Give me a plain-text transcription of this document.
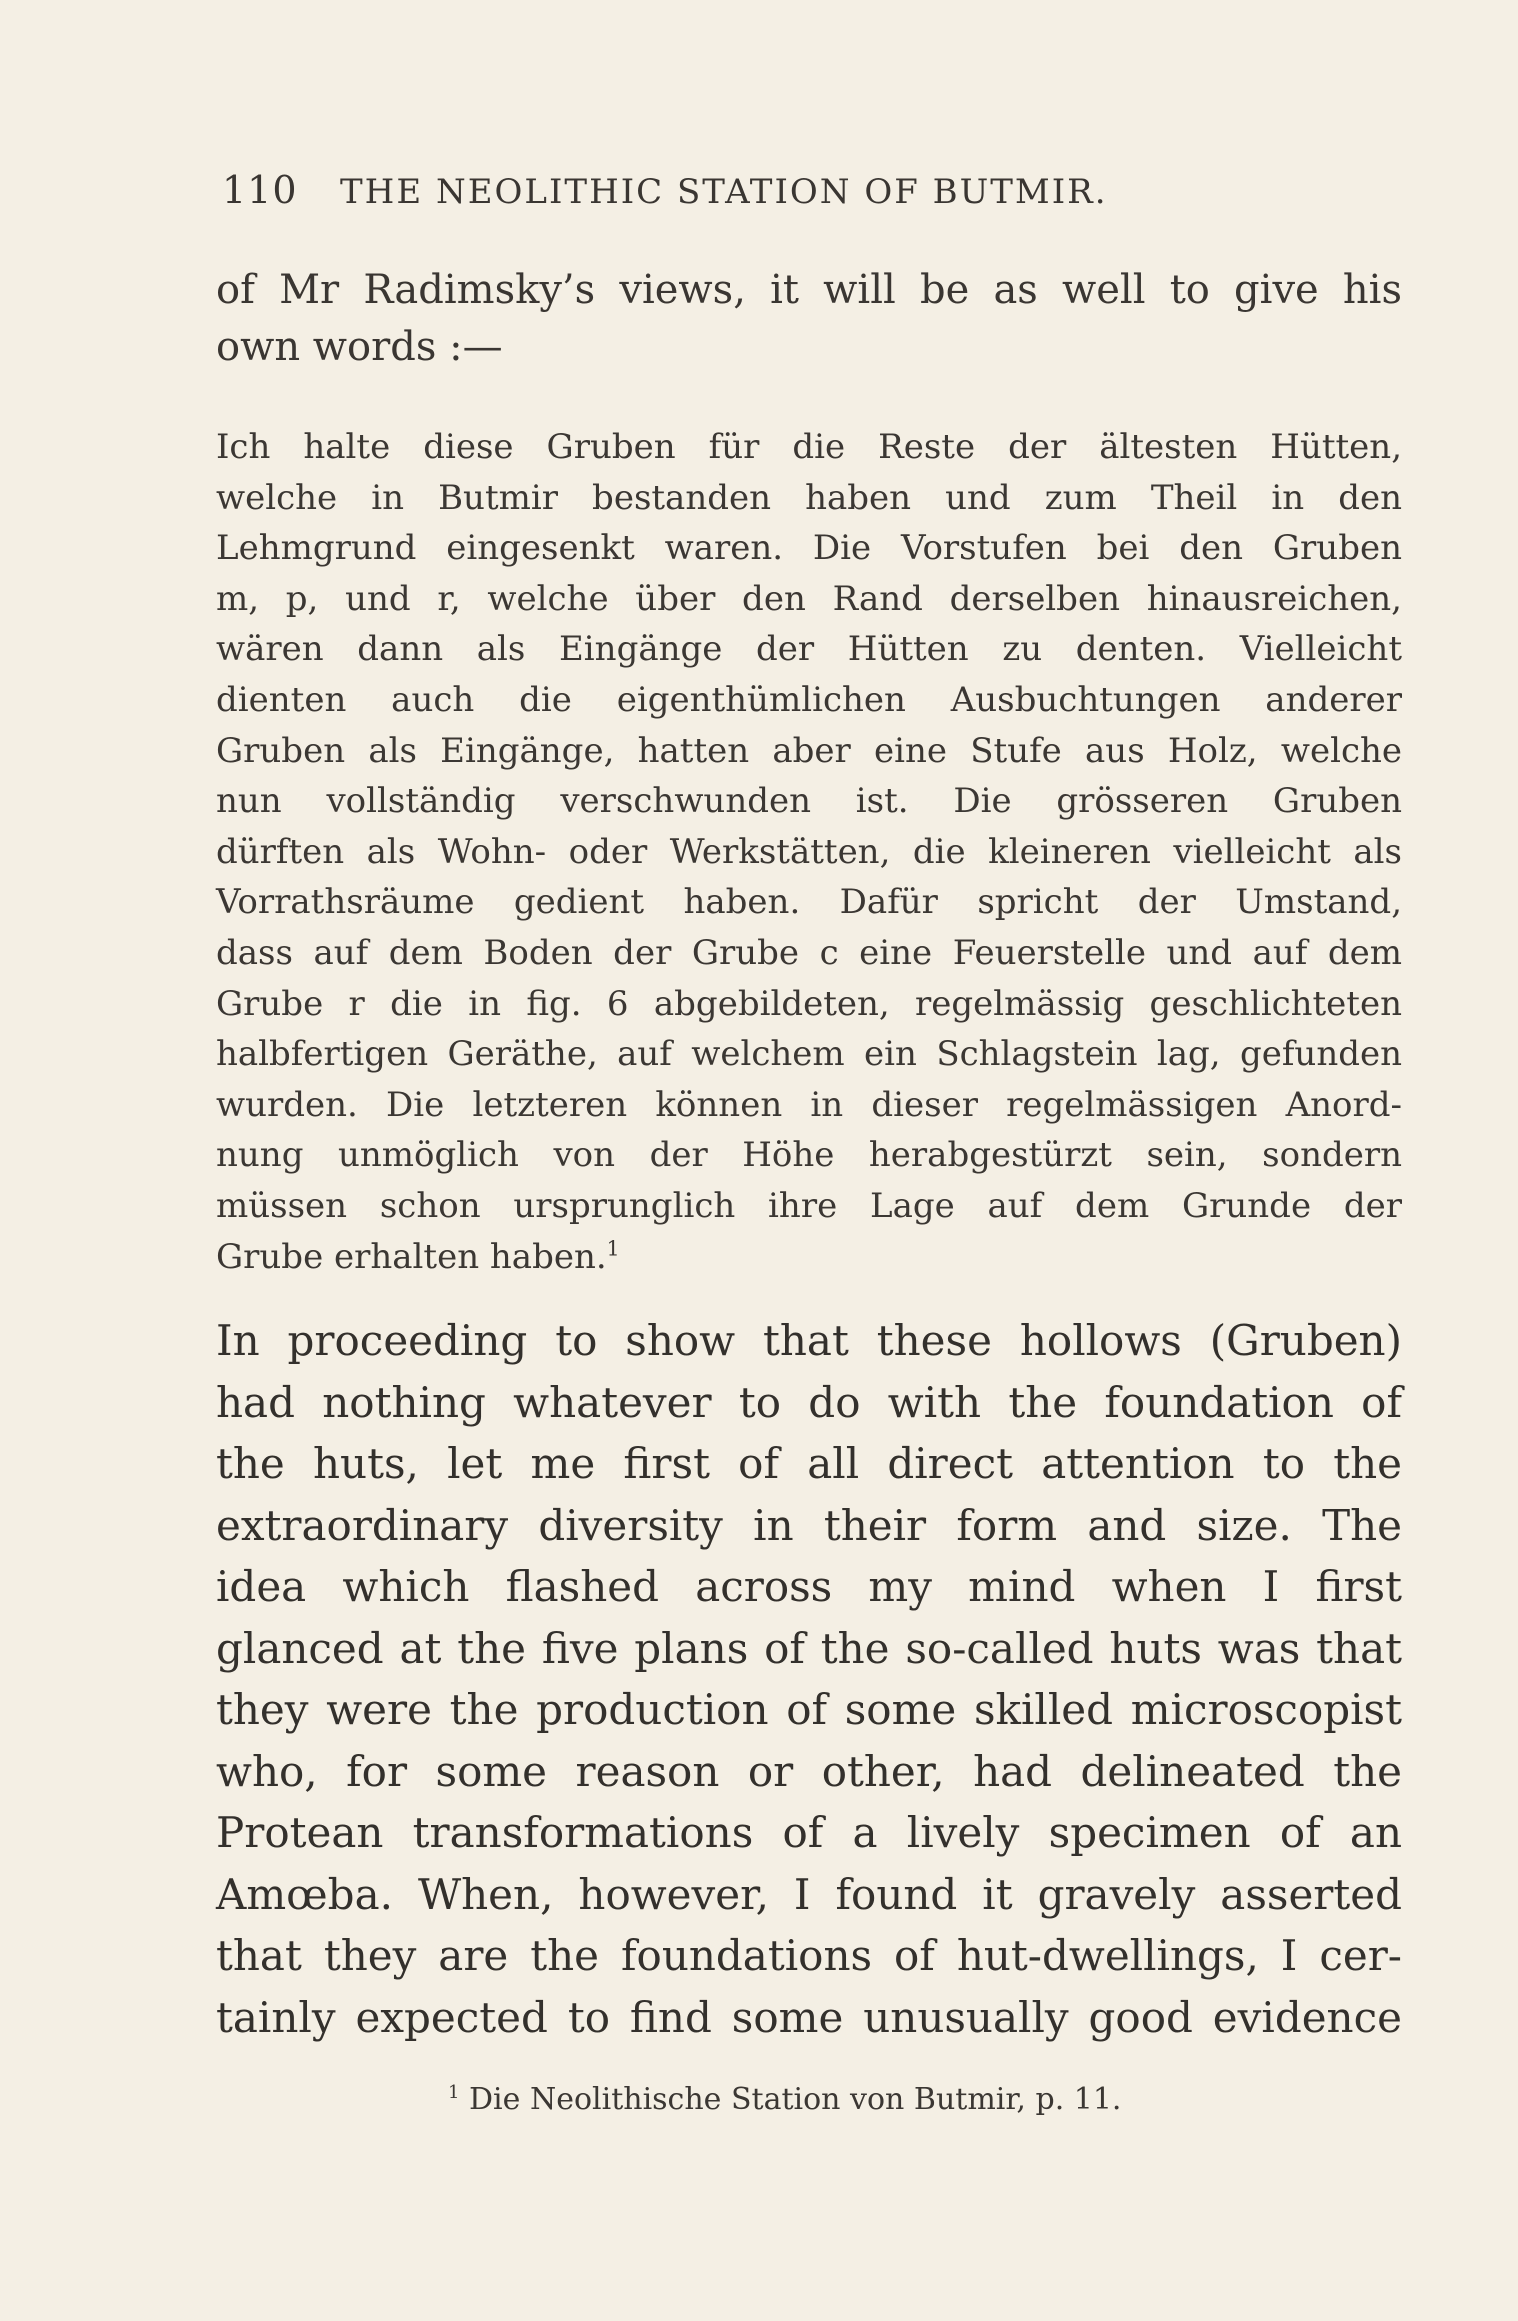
110 THE NEOLITHIC STATION OF BUTMIR.
of Mr Radimsky’s views, it will be as well to give his
own words :—
Ich halte diese Gruben für die Reste der ältesten Hütten,
welche in Butmir bestanden haben und zum Theil in den
Lehmgrund eingesenkt waren. Die Vorstufen bei den Gruben
m, p, und r, welche über den Rand derselben hinausreichen,
wären dann als Eingänge der Hütten zu denten. Vielleicht
dienten auch die eigenthümlichen Ausbuchtungen anderer
Gruben als Eingänge, hatten aber eine Stufe aus Holz, welche
nun vollständig verschwunden ist. Die grösseren Gruben
dürften als Wohn- oder Werkstätten, die kleineren vielleicht als
Vorrathsräume gedient haben. Dafür spricht der Umstand,
dass auf dem Boden der Grube c eine Feuerstelle und auf dem
Grube r die in fig. 6 abgebildeten, regelmässig geschlichteten
halbfertigen Geräthe, auf welchem ein Schlagstein lag, gefunden
wurden. Die letzteren können in dieser regelmässigen Anord-
nung unmöglich von der Höhe herabgestürzt sein, sondern
müssen schon ursprunglich ihre Lage auf dem Grunde der
Grube erhalten haben.$^1$
In proceeding to show that these hollows (Gruben)
had nothing whatever to do with the foundation of
the huts, let me first of all direct attention to the
extraordinary diversity in their form and size. The
idea which flashed across my mind when I first
glanced at the five plans of the so-called huts was that
they were the production of some skilled microscopist
who, for some reason or other, had delineated the
Protean transformations of a lively specimen of an
Amœba. When, however, I found it gravely asserted
that they are the foundations of hut-dwellings, I cer-
tainly expected to find some unusually good evidence
$^1$ Die Neolithische Station von Butmir, p. 11.
